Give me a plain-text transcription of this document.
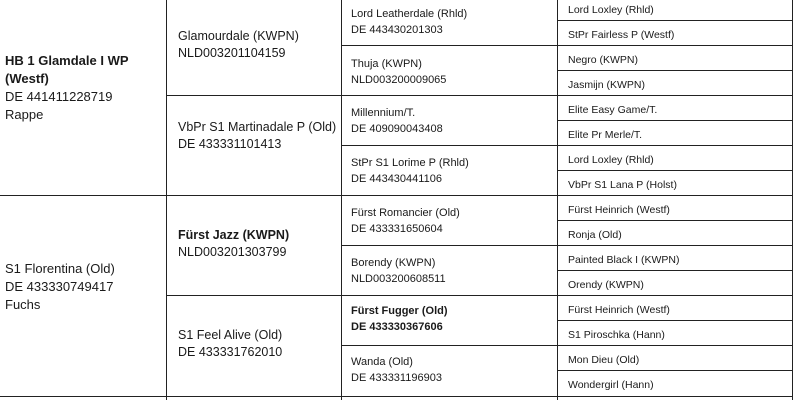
HB 1 Glamdale I WP (Westf)
DE 441411228719
Rappe
S1 Florentina (Old)
DE 433330749417
Fuchs
Glamourdale (KWPN)
NLD003201104159
VbPr S1 Martinadale P (Old)
DE 433331101413
Fürst Jazz (KWPN)
NLD003201303799
S1 Feel Alive (Old)
DE 433331762010
Lord Leatherdale (Rhld)
DE 443430201303
Thuja (KWPN)
NLD003200009065
Millennium/T.
DE 409090043408
StPr S1 Lorime P (Rhld)
DE 443430441106
Fürst Romancier (Old)
DE 433331650604
Borendy (KWPN)
NLD003200608511
Fürst Fugger (Old)
DE 433330367606
Wanda (Old)
DE 433331196903
Lord Loxley (Rhld)
StPr Fairless P (Westf)
Negro (KWPN)
Jasmijn (KWPN)
Elite Easy Game/T.
Elite Pr Merle/T.
Lord Loxley (Rhld)
VbPr S1 Lana P (Holst)
Fürst Heinrich (Westf)
Ronja (Old)
Painted Black I (KWPN)
Orendy (KWPN)
Fürst Heinrich (Westf)
S1 Piroschka (Hann)
Mon Dieu (Old)
Wondergirl (Hann)
